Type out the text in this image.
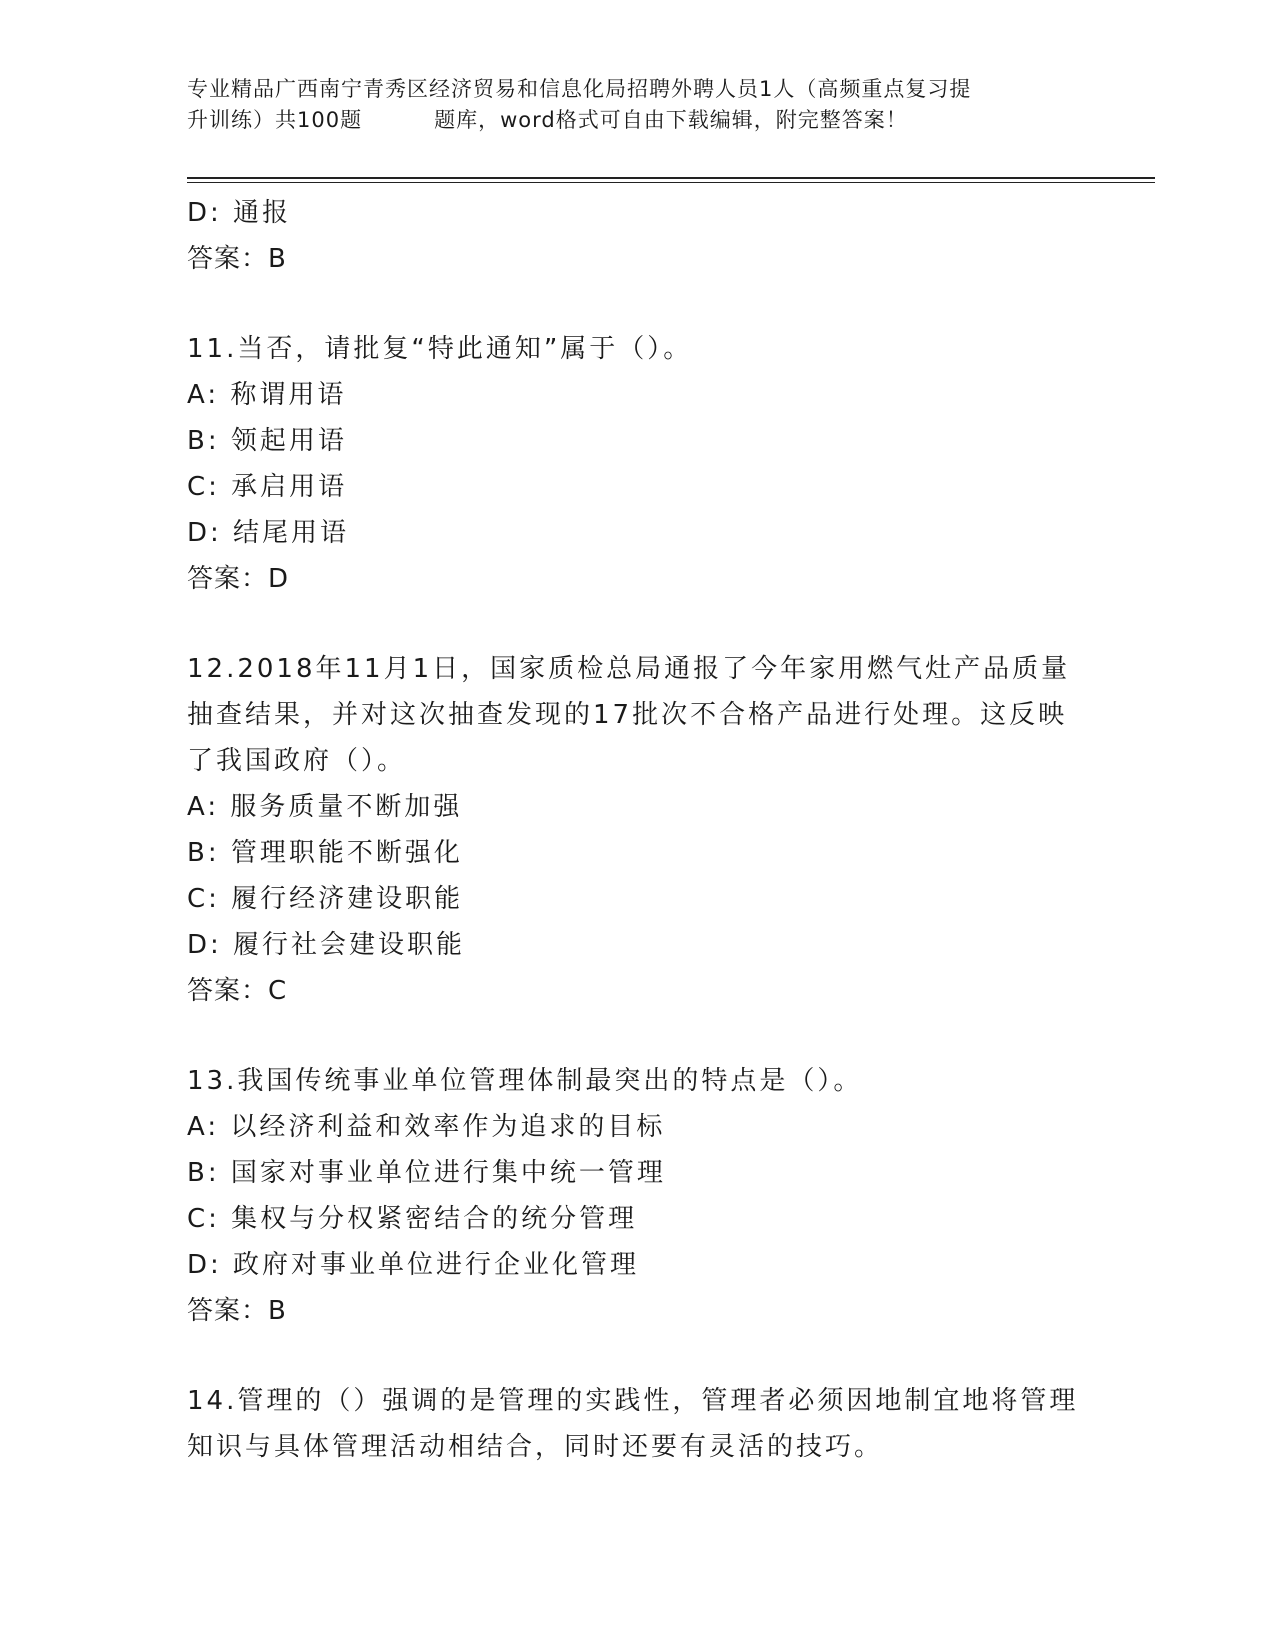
专业精品广西南宁青秀区经济贸易和信息化局招聘外聘人员1人（高频重点复习提
升训练）共100题	题库，word格式可自由下载编辑，附完整答案！
D: 通报
答案：B
11.当否，请批复“特此通知”属于（）。
A: 称谓用语
B: 领起用语
C: 承启用语
D: 结尾用语
答案：D
12.2018年11月1日，国家质检总局通报了今年家用燃气灶产品质量
抽查结果，并对这次抽查发现的17批次不合格产品进行处理。这反映
了我国政府（）。
A: 服务质量不断加强
B: 管理职能不断强化
C: 履行经济建设职能
D: 履行社会建设职能
答案：C
13.我国传统事业单位管理体制最突出的特点是（）。
A: 以经济利益和效率作为追求的目标
B: 国家对事业单位进行集中统一管理
C: 集权与分权紧密结合的统分管理
D: 政府对事业单位进行企业化管理
答案：B
14.管理的（）强调的是管理的实践性，管理者必须因地制宜地将管理
知识与具体管理活动相结合，同时还要有灵活的技巧。
